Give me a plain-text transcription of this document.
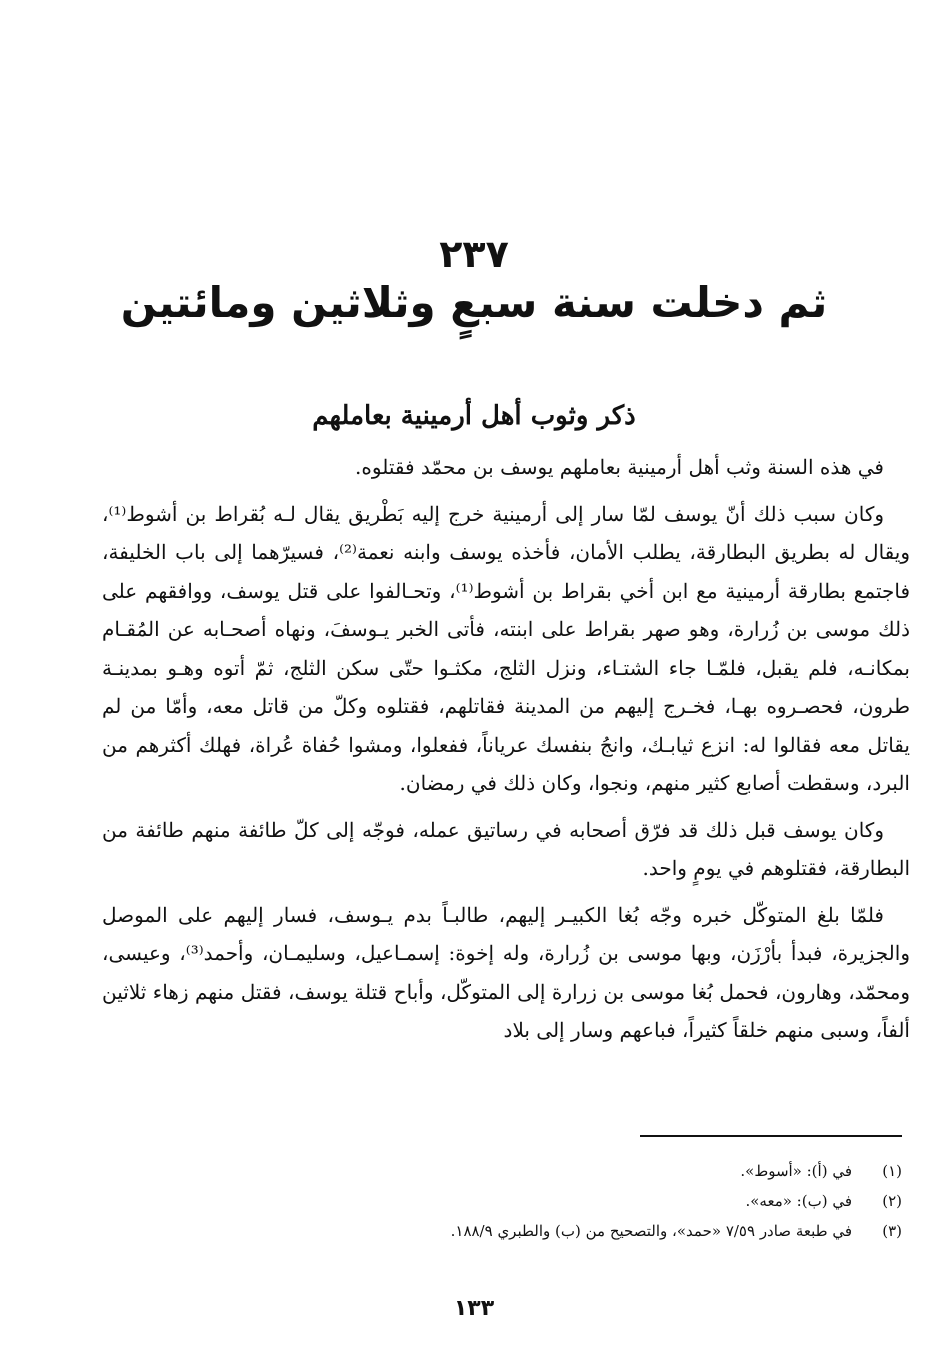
٢٣٧
ثم دخلت سنة سبعٍ وثلاثين ومائتين
ذكر وثوب أهل أرمينية بعاملهم

في هذه السنة وثب أهل أرمينية بعاملهم يوسف بن محمّد فقتلوه.

وكان سبب ذلك أنّ يوسف لمّا سار إلى أرمينية خرج إليه بَطْريق يقال لـه بُقراط بن أشوط⁽¹⁾، ويقال له بطريق البطارقة، يطلب الأمان، فأخذه يوسف وابنه نعمة⁽²⁾، فسيرّهما إلى باب الخليفة، فاجتمع بطارقة أرمينية مع ابن أخي بقراط بن أشوط⁽¹⁾، وتحـالفوا على قتل يوسف، ووافقهم على ذلك موسى بن زُرارة، وهو صهر بقراط على ابنته، فأتى الخبر يـوسفَ، ونهاه أصحـابه عن المُقـام بمكانـه، فلم يقبل، فلمّـا جاء الشتـاء، ونزل الثلج، مكثـوا حتّى سكن الثلج، ثمّ أتوه وهـو بمدينـة طرون، فحصـروه بهـا، فخـرج إليهم من المدينة فقاتلهم، فقتلوه وكلّ من قاتل معه، وأمّا من لم يقاتل معه فقالوا له: انزع ثيابـك، وانجُ بنفسك عرياناً، ففعلوا، ومشوا حُفاة عُراة، فهلك أكثرهم من البرد، وسقطت أصابع كثير منهم، ونجوا، وكان ذلك في رمضان.

وكان يوسف قبل ذلك قد فرّق أصحابه في رساتيق عمله، فوجّه إلى كلّ طائفة منهم طائفة من البطارقة، فقتلوهم في يومٍ واحد.

فلمّا بلغ المتوكّل خبره وجّه بُغا الكبيـر إليهم، طالبـاً بدم يـوسف، فسار إليهم على الموصل والجزيرة، فبدأ بأرْزَن، وبها موسى بن زُرارة، وله إخوة: إسمـاعيل، وسليمـان، وأحمد⁽³⁾، وعيسى، ومحمّد، وهارون، فحمل بُغا موسى بن زرارة إلى المتوكّل، وأباح قتلة يوسف، فقتل منهم زهاء ثلاثين ألفاً، وسبى منهم خلقاً كثيراً، فباعهم وسار إلى بلاد

(١)
في (أ): «أسوط».
(٢)
في (ب): «معه».
(٣)
في طبعة صادر ٧/٥٩ «حمد»، والتصحيح من (ب) والطبري ١٨٨/٩.
١٣٣
